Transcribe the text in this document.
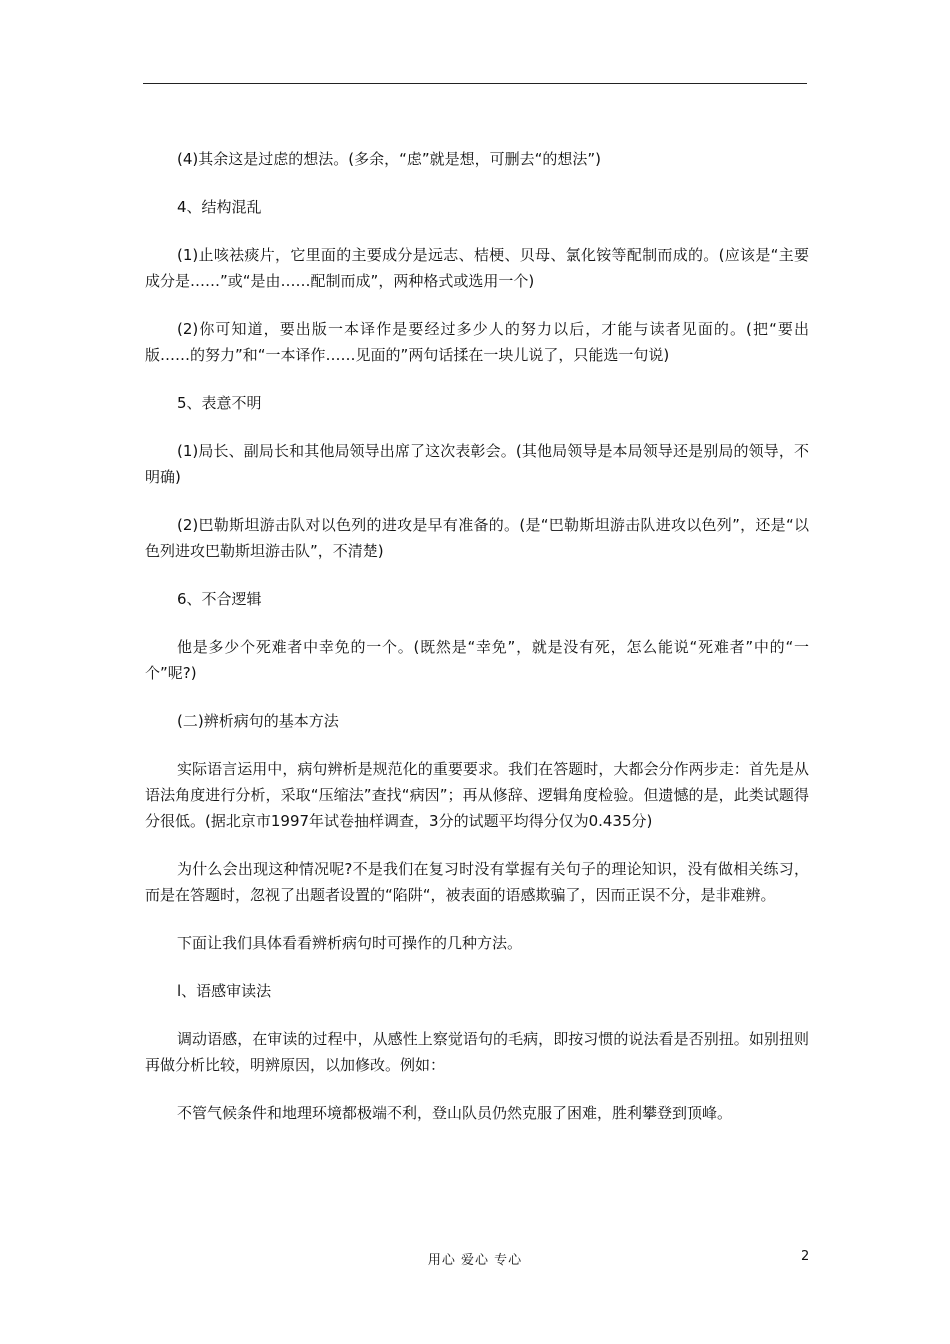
(4)其余这是过虑的想法。(多余，“虑”就是想，可删去“的想法”)

4、结构混乱

(1)止咳祛痰片，它里面的主要成分是远志、桔梗、贝母、氯化铵等配制而成的。(应该是“主要成分是……”或“是由……配制而成”，两种格式或选用一个)

(2)你可知道，要出版一本译作是要经过多少人的努力以后，才能与读者见面的。(把“要出版……的努力”和“一本译作……见面的”两句话揉在一块儿说了，只能选一句说)

5、表意不明

(1)局长、副局长和其他局领导出席了这次表彰会。(其他局领导是本局领导还是别局的领导，不明确)

(2)巴勒斯坦游击队对以色列的进攻是早有准备的。(是“巴勒斯坦游击队进攻以色列”，还是“以色列进攻巴勒斯坦游击队”，不清楚)

6、不合逻辑

他是多少个死难者中幸免的一个。(既然是“幸免”，就是没有死，怎么能说“死难者”中的“一个”呢?)

(二)辨析病句的基本方法

实际语言运用中，病句辨析是规范化的重要要求。我们在答题时，大都会分作两步走：首先是从语法角度进行分析，采取“压缩法”查找“病因”；再从修辞、逻辑角度检验。但遗憾的是，此类试题得分很低。(据北京市1997年试卷抽样调查，3分的试题平均得分仅为0.435分)

为什么会出现这种情况呢?不是我们在复习时没有掌握有关句子的理论知识，没有做相关练习，而是在答题时，忽视了出题者设置的“陷阱“，被表面的语感欺骗了，因而正误不分，是非难辨。

下面让我们具体看看辨析病句时可操作的几种方法。

l、语感审读法

调动语感，在审读的过程中，从感性上察觉语句的毛病，即按习惯的说法看是否别扭。如别扭则再做分析比较，明辨原因，以加修改。例如：

不管气候条件和地理环境都极端不利，登山队员仍然克服了困难，胜利攀登到顶峰。

用心 爱心 专心	2
